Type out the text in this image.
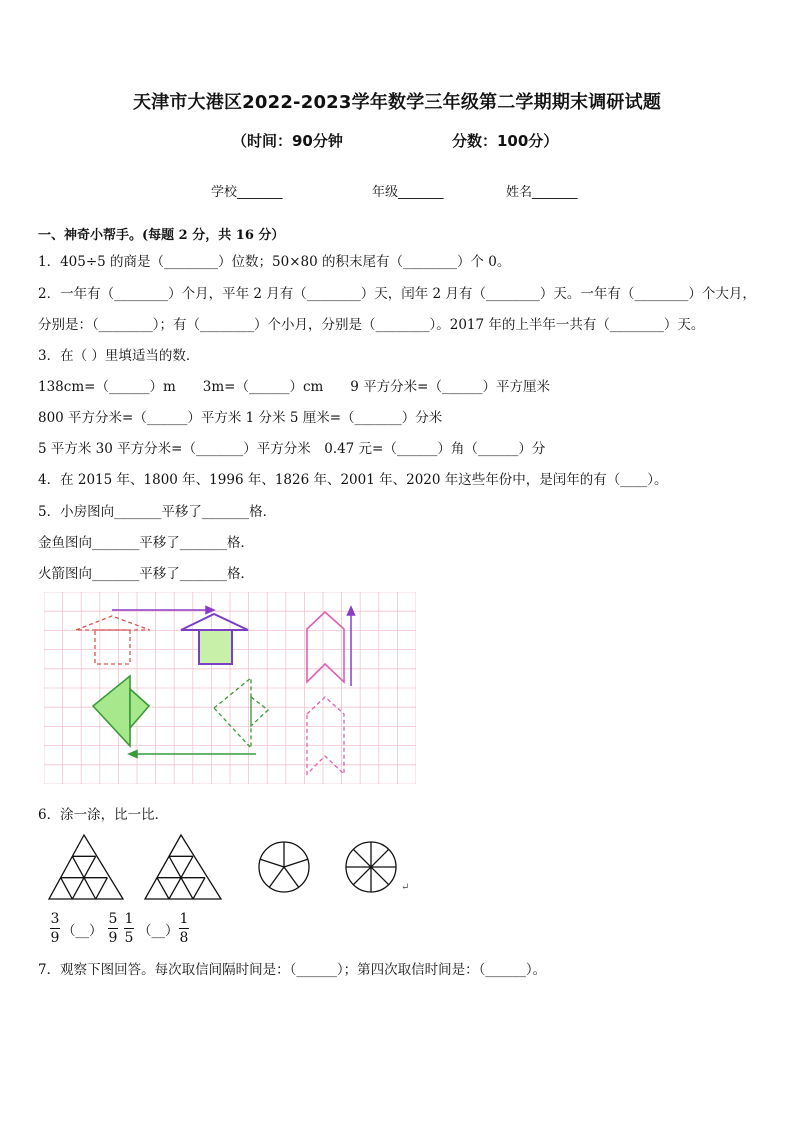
天津市大港区2022-2023学年数学三年级第二学期期末调研试题
（时间：90分钟	分数：100分）
学校_______	年级_______	姓名_______
一、神奇小帮手。(每题 2 分，共 16 分）
1．405÷5 的商是（________）位数；50×80 的积末尾有（________）个 0。
2．一年有（________）个月，平年 2 月有（________）天，闰年 2 月有（________）天。一年有（________）个大月，
分别是：（________）；有（________）个小月，分别是（________）。2017 年的上半年一共有（________）天。
3．在（ ）里填适当的数．
138cm=（______）m　　3m=（______）cm　　9 平方分米=（______）平方厘米
800 平方分米=（______）平方米 1 分米 5 厘米=（_______）分米
5 平方米 30 平方分米=（_______）平方分米　0.47 元=（______）角（______）分
4．在 2015 年、1800 年、1996 年、1826 年、2001 年、2020 年这些年份中，是闰年的有（____）。
5．小房图向_______平移了_______格．
金鱼图向_______平移了_______格．
火箭图向_______平移了_______格．
6．涂一涂，比一比．
↵
3
9 （__）
5
9
1
5 （__）
1
8
7．观察下图回答。每次取信间隔时间是：（______）；第四次取信时间是：（______）。
